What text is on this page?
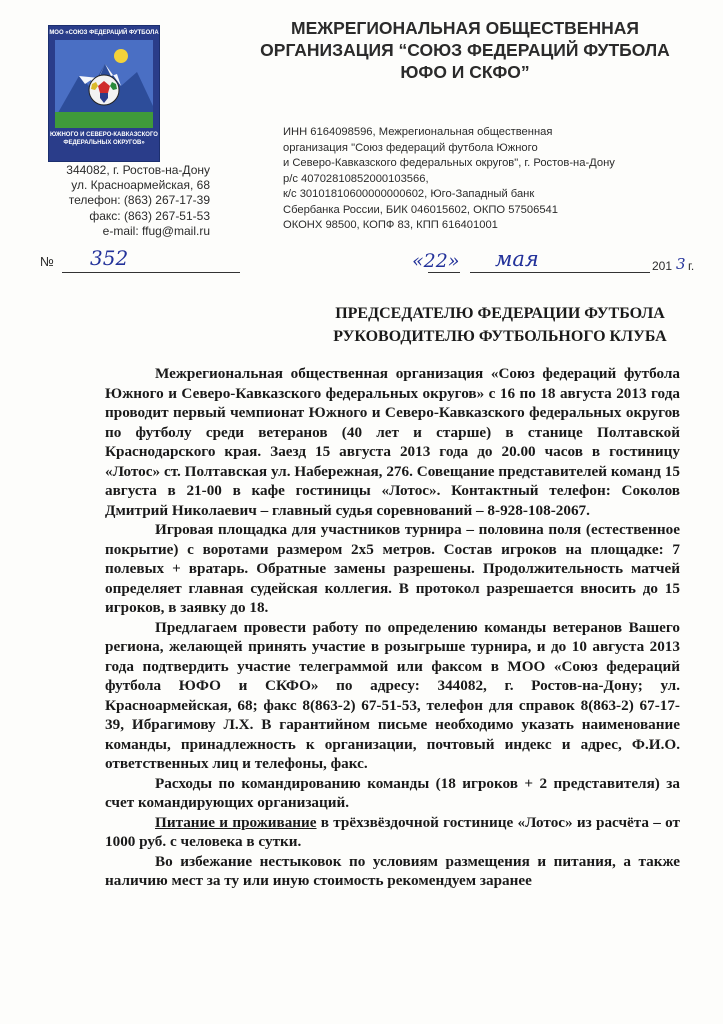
МОО «СОЮЗ ФЕДЕРАЦИЙ ФУТБОЛА
ЮЖНОГО И СЕВЕРО-КАВКАЗСКОГО
ФЕДЕРАЛЬНЫХ ОКРУГОВ»
МЕЖРЕГИОНАЛЬНАЯ ОБЩЕСТВЕННАЯ
ОРГАНИЗАЦИЯ “СОЮЗ ФЕДЕРАЦИЙ ФУТБОЛА
ЮФО И СКФО”
ИНН 6164098596, Межрегиональная общественная
организация "Союз федераций футбола Южного
и Северо-Кавказского федеральных округов", г. Ростов-на-Дону
р/с 40702810852000103566,
к/с 30101810600000000602, Юго-Западный банк
Сбербанка России, БИК 046015602, ОКПО 57506541
ОКОНХ 98500, КОПФ 83, КПП 616401001
344082, г. Ростов-на-Дону
ул. Красноармейская, 68
телефон: (863) 267-17-39
факс: (863) 267-51-53
e-mail: ffug@mail.ru
№ 352	«22» мая	201 3 г.
ПРЕДСЕДАТЕЛЮ ФЕДЕРАЦИИ ФУТБОЛА
РУКОВОДИТЕЛЮ ФУТБОЛЬНОГО КЛУБА

Межрегиональная общественная организация «Союз федераций футбола Южного и Северо-Кавказского федеральных округов» с 16 по 18 августа 2013 года проводит первый чемпионат Южного и Северо-Кавказского федеральных округов по футболу среди ветеранов (40 лет и старше) в станице Полтавской Краснодарского края. Заезд 15 августа 2013 года до 20.00 часов в гостиницу «Лотос» ст. Полтавская ул. Набережная, 276. Совещание представителей команд 15 августа в 21-00 в кафе гостиницы «Лотос». Контактный телефон: Соколов Дмитрий Николаевич – главный судья соревнований – 8-928-108-2067.

Игровая площадка для участников турнира – половина поля (естественное покрытие) с воротами размером 2х5 метров. Состав игроков на площадке: 7 полевых + вратарь. Обратные замены разрешены. Продолжительность матчей определяет главная судейская коллегия. В протокол разрешается вносить до 15 игроков, в заявку до 18.

Предлагаем провести работу по определению команды ветеранов Вашего региона, желающей принять участие в розыгрыше турнира, и до 10 августа 2013 года подтвердить участие телеграммой или факсом в МОО «Союз федераций футбола ЮФО и СКФО» по адресу: 344082, г. Ростов-на-Дону; ул. Красноармейская, 68; факс 8(863-2) 67-51-53, телефон для справок 8(863-2) 67-17-39, Ибрагимову Л.Х. В гарантийном письме необходимо указать наименование команды, принадлежность к организации, почтовый индекс и адрес, Ф.И.О. ответственных лиц и телефоны, факс.

Расходы по командированию команды (18 игроков + 2 представителя) за счет командирующих организаций.

Питание и проживание в трёхзвёздочной гостинице «Лотос» из расчёта – от 1000 руб. с человека в сутки.

Во избежание нестыковок по условиям размещения и питания, а также наличию мест за ту или иную стоимость рекомендуем заранее
